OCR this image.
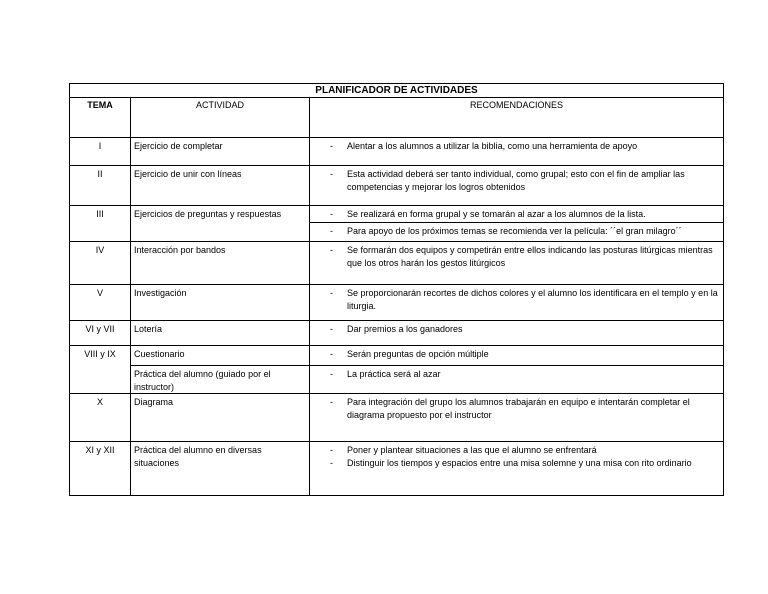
PLANIFICADOR DE ACTIVIDADES		
TEMA	ACTIVIDAD	RECOMENDACIONES
I	Ejercicio de completar	- Alentar a los alumnos a utilizar la biblia, como una herramienta de apoyo

II	Ejercicio de unir con líneas	- Esta actividad deberá ser tanto individual, como grupal; esto con el fin de ampliar las competencias y mejorar los logros obtenidos

III	Ejercicios de preguntas y respuestas	- Se realizará en forma grupal y se tomarán al azar a los alumnos de la lista.

		- Para apoyo de los próximos temas se recomienda ver la película: ´´el gran milagro´´

IV	Interacción por bandos	- Se formarán dos equipos y competirán entre ellos indicando las posturas litúrgicas mientras que los otros harán los gestos litúrgicos

V	Investigación	- Se proporcionarán recortes de dichos colores y el alumno los identificara en el templo y en la liturgia.

VI y VII	Lotería	- Dar premios a los ganadores

VIII y IX	Cuestionario	- Serán preguntas de opción múltiple

	Práctica del alumno (guiado por el instructor)	- La práctica será al azar

X	Diagrama	- Para integración del grupo los alumnos trabajarán en equipo e intentarán completar el diagrama propuesto por el instructor

XI y XII	Práctica del alumno en diversas situaciones	- Poner y plantear situaciones a las que el alumno se enfrentará
- Distinguir los tiempos y espacios entre una misa solemne y una misa con rito ordinario
